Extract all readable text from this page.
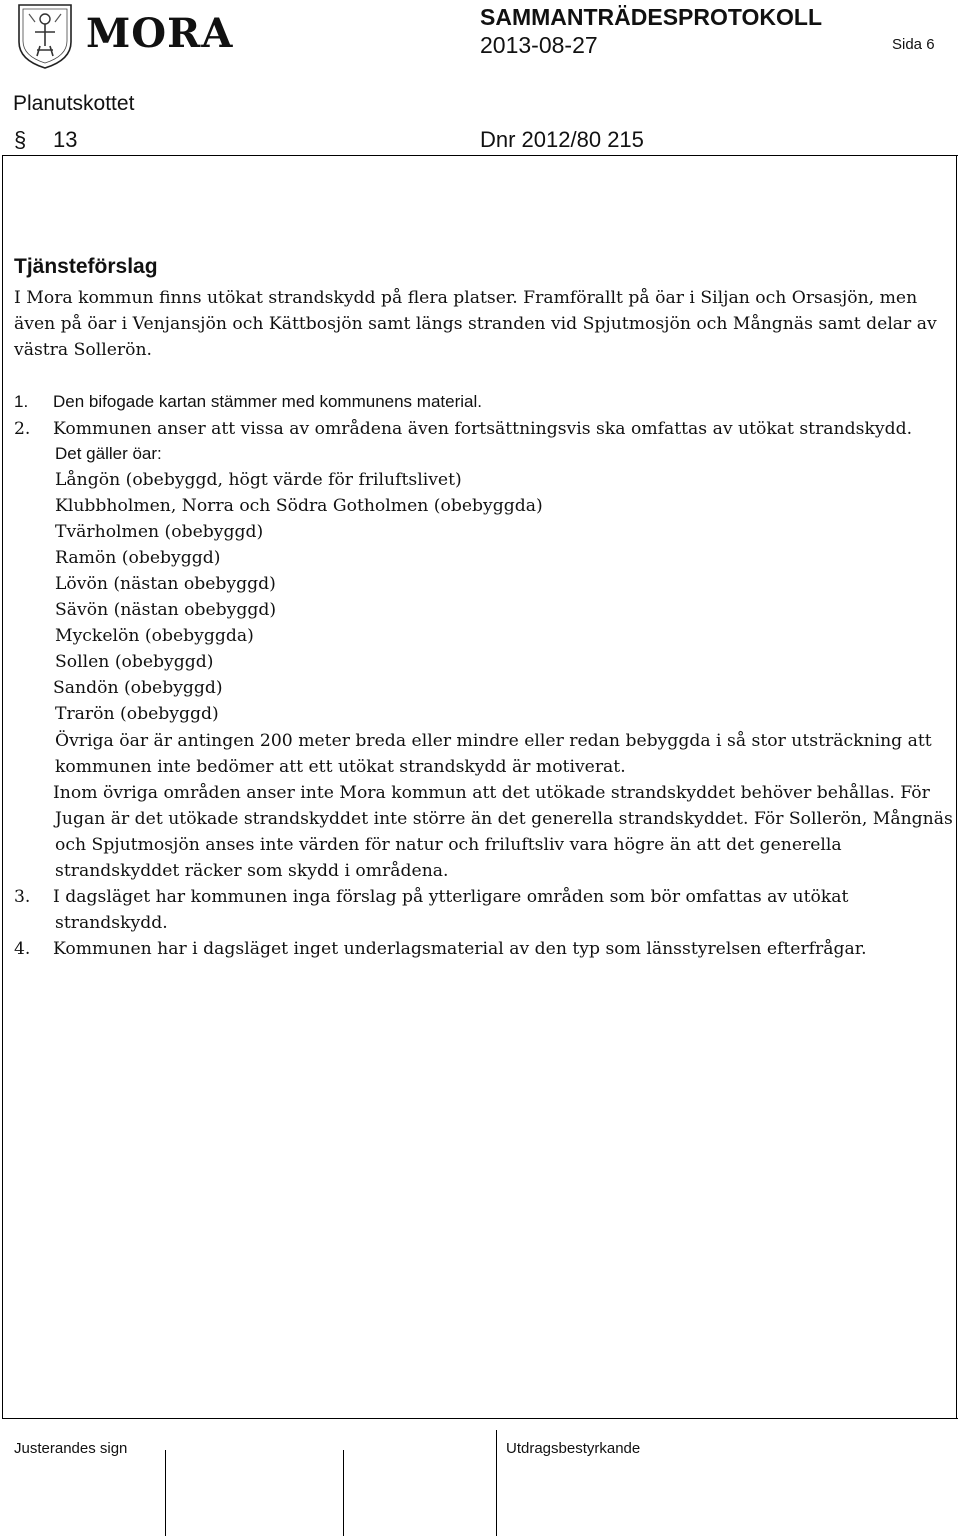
MORA	SAMMANTRÄDESPROTOKOLL
2013-08-27	Sida 6
Planutskottet
§ 13	Dnr 2012/80 215
Tjänsteförslag
I Mora kommun finns utökat strandskydd på flera platser. Framförallt på öar i Siljan och Orsasjön, men även på öar i Venjansjön och Kättbosjön samt längs stranden vid Spjutmosjön och Mångnäs samt delar av västra Sollerön.
1. Den bifogade kartan stämmer med kommunens material.
2. Kommunen anser att vissa av områdena även fortsättningsvis ska omfattas av utökat strandskydd.
Det gäller öar:
Långön (obebyggd, högt värde för friluftslivet)
Klubbholmen, Norra och Södra Gotholmen (obebyggda)
Tvärholmen (obebyggd)
Ramön (obebyggd)
Lövön (nästan obebyggd)
Sävön (nästan obebyggd)
Myckelön (obebyggda)
Sollen (obebyggd)
Sandön (obebyggd)
Trarön (obebyggd)
Övriga öar är antingen 200 meter breda eller mindre eller redan bebyggda i så stor utsträckning att
kommunen inte bedömer att ett utökat strandskydd är motiverat.
Inom övriga områden anser inte Mora kommun att det utökade strandskyddet behöver behållas. För
Jugan är det utökade strandskyddet inte större än det generella strandskyddet. För Sollerön, Mångnäs
och Spjutmosjön anses inte värden för natur och friluftsliv vara högre än att det generella
strandskyddet räcker som skydd i områdena.
3. I dagsläget har kommunen inga förslag på ytterligare områden som bör omfattas av utökat
strandskydd.
4. Kommunen har i dagsläget inget underlagsmaterial av den typ som länsstyrelsen efterfrågar.
Justerandes sign	Utdragsbestyrkande
